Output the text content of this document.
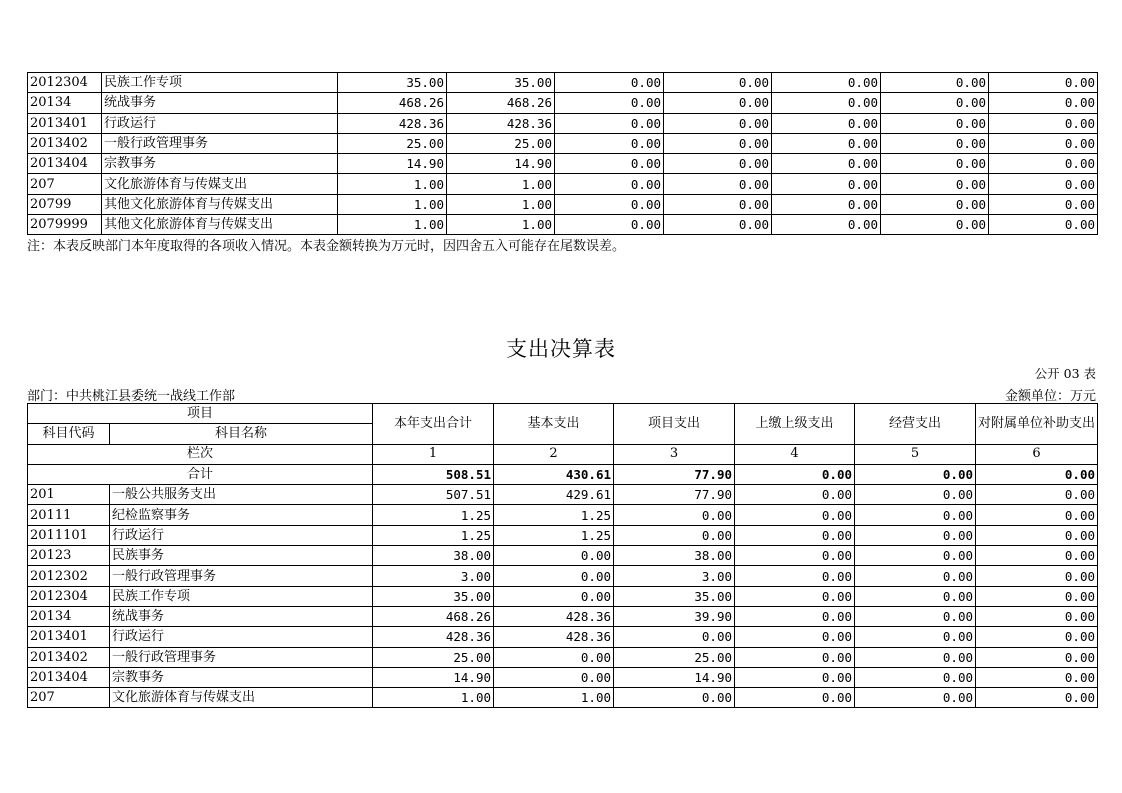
2012304	民族工作专项	35.00	35.00	0.00	0.00	0.00	0.00	0.00
20134	统战事务	468.26	468.26	0.00	0.00	0.00	0.00	0.00
2013401	行政运行	428.36	428.36	0.00	0.00	0.00	0.00	0.00
2013402	一般行政管理事务	25.00	25.00	0.00	0.00	0.00	0.00	0.00
2013404	宗教事务	14.90	14.90	0.00	0.00	0.00	0.00	0.00
207	文化旅游体育与传媒支出	1.00	1.00	0.00	0.00	0.00	0.00	0.00
20799	其他文化旅游体育与传媒支出	1.00	1.00	0.00	0.00	0.00	0.00	0.00
2079999	其他文化旅游体育与传媒支出	1.00	1.00	0.00	0.00	0.00	0.00	0.00
注：本表反映部门本年度取得的各项收入情况。本表金额转换为万元时，因四舍五入可能存在尾数误差。
支出决算表
公开 03 表
部门：中共桃江县委统一战线工作部	金额单位：万元
项目		本年支出合计	基本支出	项目支出	上缴上级支出	经营支出	对附属单位补助支出
科目代码	科目名称						
栏次		1	2	3	4	5	6
合计		508.51	430.61	77.90	0.00	0.00	0.00
201	一般公共服务支出	507.51	429.61	77.90	0.00	0.00	0.00
20111	纪检监察事务	1.25	1.25	0.00	0.00	0.00	0.00
2011101	行政运行	1.25	1.25	0.00	0.00	0.00	0.00
20123	民族事务	38.00	0.00	38.00	0.00	0.00	0.00
2012302	一般行政管理事务	3.00	0.00	3.00	0.00	0.00	0.00
2012304	民族工作专项	35.00	0.00	35.00	0.00	0.00	0.00
20134	统战事务	468.26	428.36	39.90	0.00	0.00	0.00
2013401	行政运行	428.36	428.36	0.00	0.00	0.00	0.00
2013402	一般行政管理事务	25.00	0.00	25.00	0.00	0.00	0.00
2013404	宗教事务	14.90	0.00	14.90	0.00	0.00	0.00
207	文化旅游体育与传媒支出	1.00	1.00	0.00	0.00	0.00	0.00
